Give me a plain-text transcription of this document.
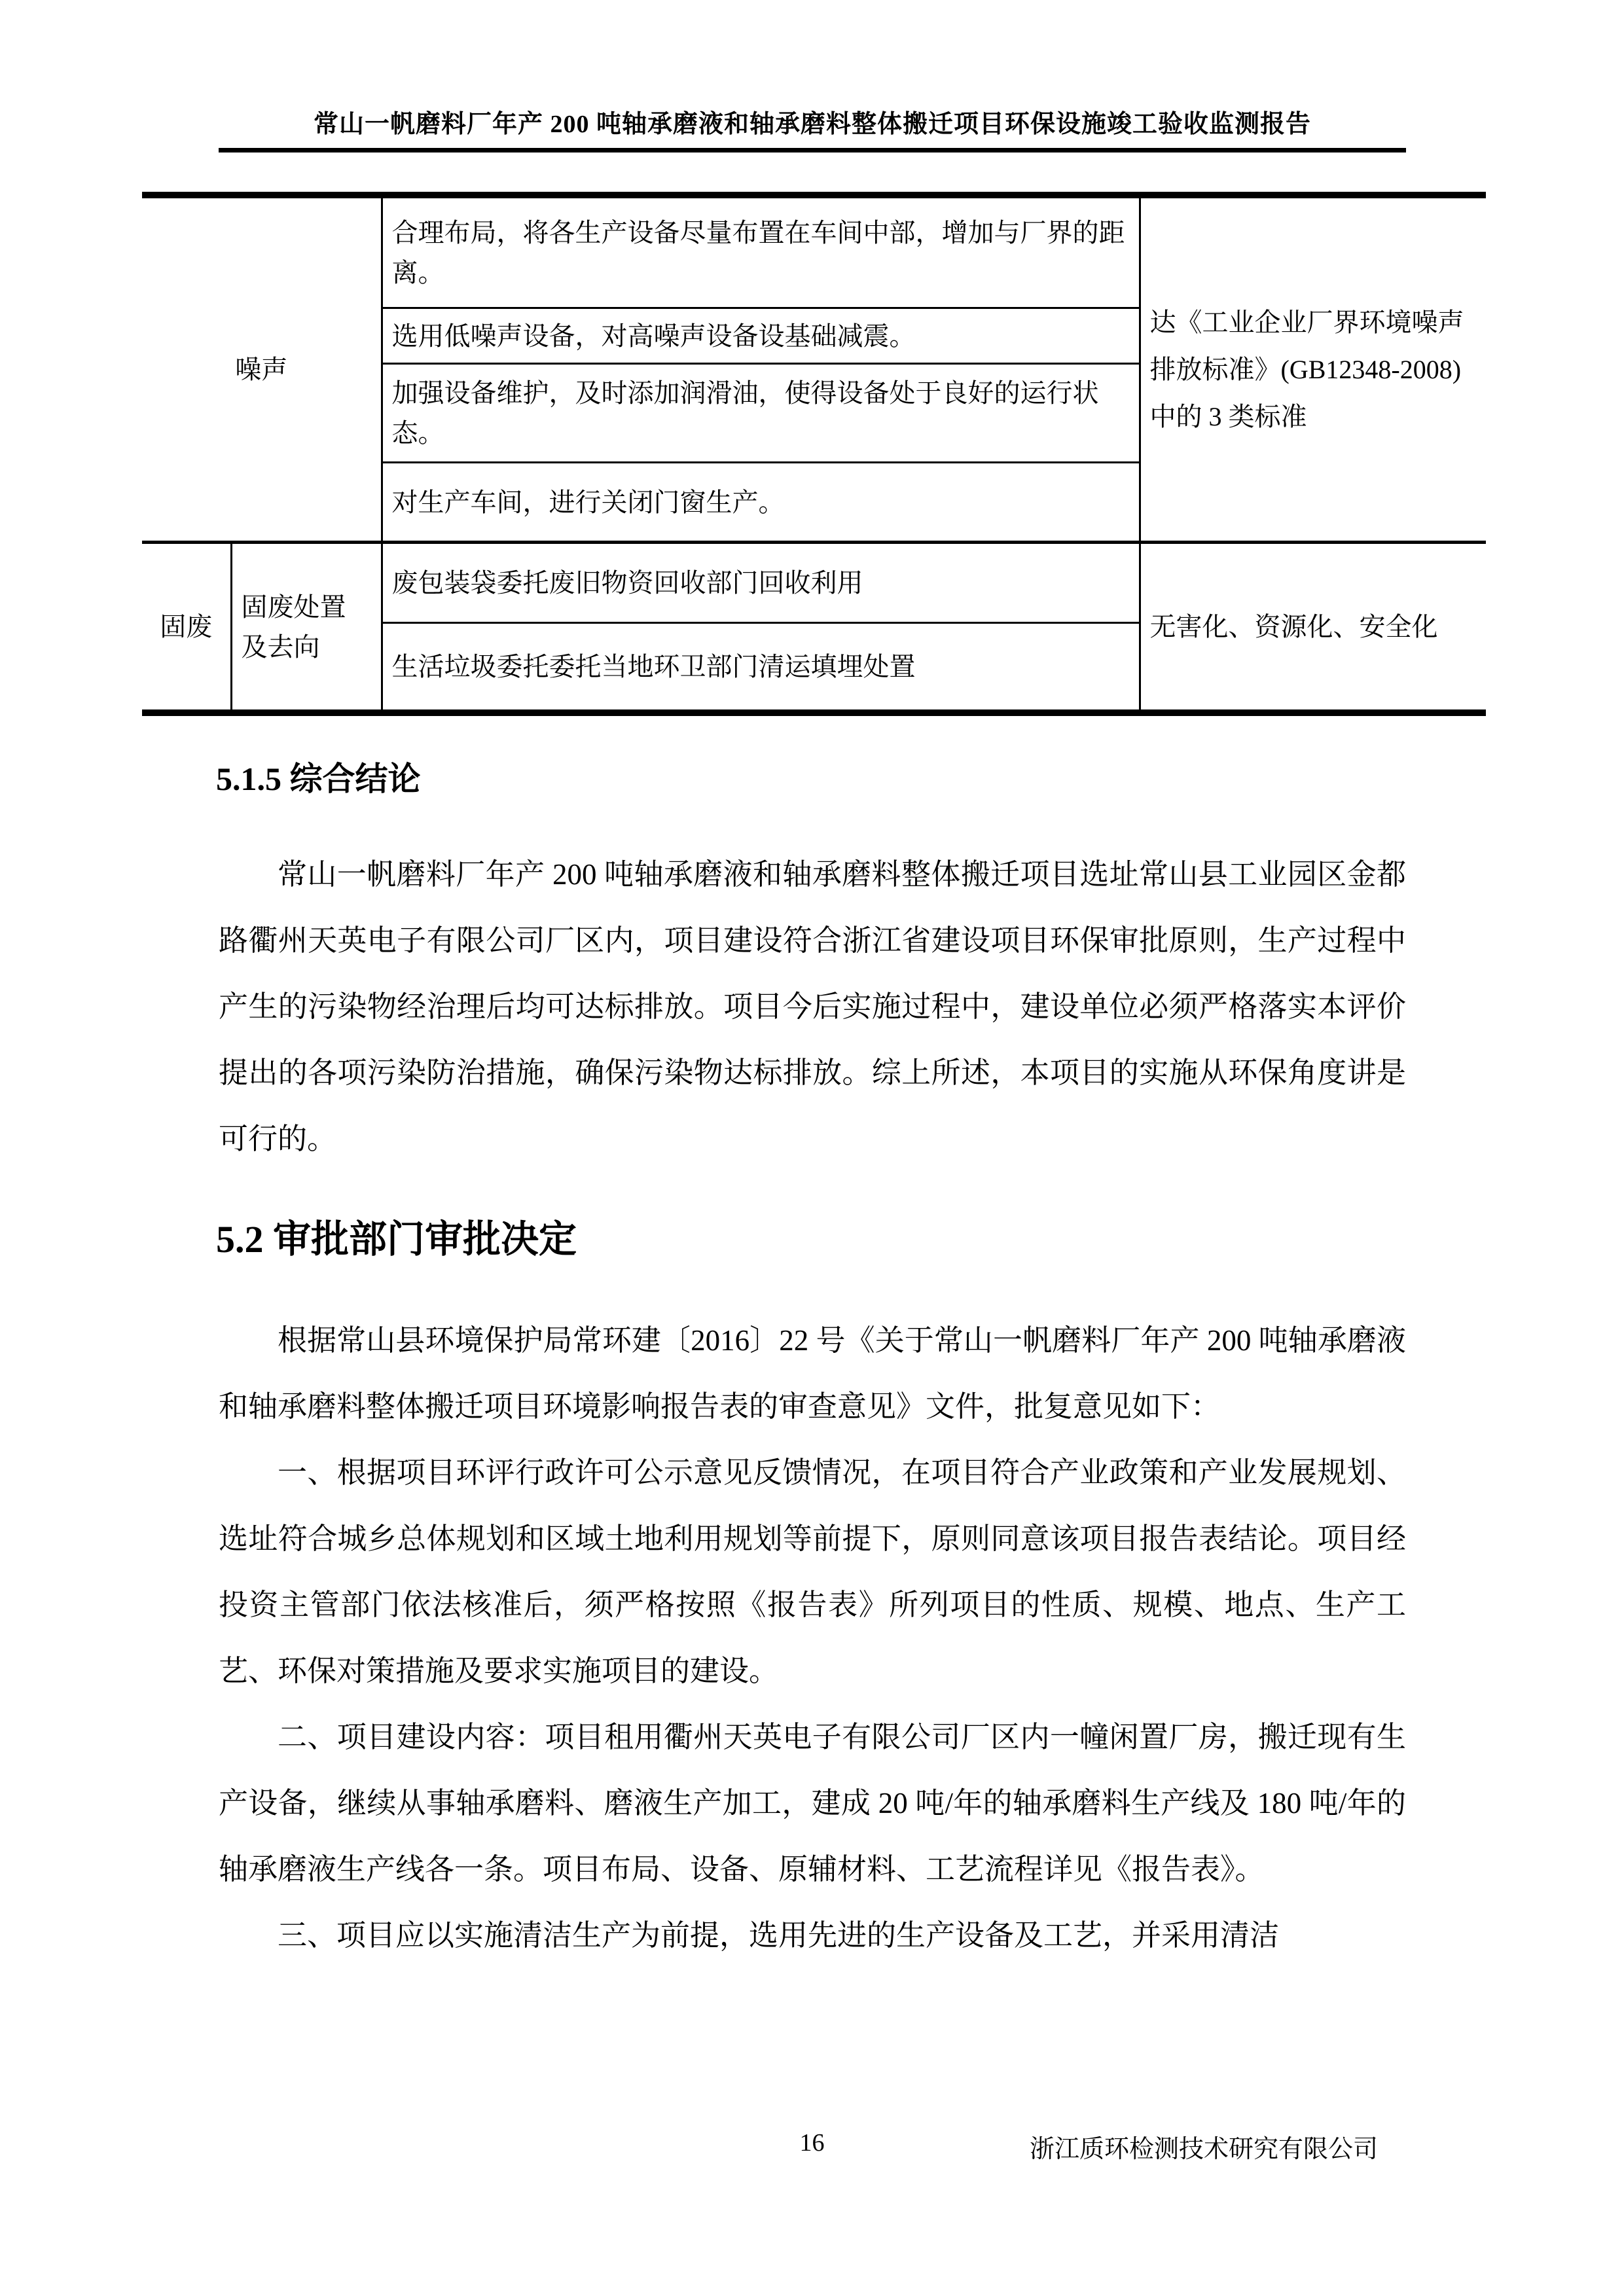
常山一帆磨料厂年产 200 吨轴承磨液和轴承磨料整体搬迁项目环保设施竣工验收监测报告
噪声		合理布局，将各生产设备尽量布置在车间中部，增加与厂界的距离。	达《工业企业厂界环境噪声排放标准》(GB12348-2008)中的 3 类标准
		选用低噪声设备，对高噪声设备设基础减震。	
		加强设备维护，及时添加润滑油，使得设备处于良好的运行状态。	
		对生产车间，进行关闭门窗生产。	
固废	固废处置及去向	废包装袋委托废旧物资回收部门回收利用	无害化、资源化、安全化
		生活垃圾委托委托当地环卫部门清运填埋处置	
5.1.5 综合结论

常山一帆磨料厂年产 200 吨轴承磨液和轴承磨料整体搬迁项目选址常山县工业园区金都路衢州天英电子有限公司厂区内，项目建设符合浙江省建设项目环保审批原则，生产过程中产生的污染物经治理后均可达标排放。项目今后实施过程中，建设单位必须严格落实本评价提出的各项污染防治措施，确保污染物达标排放。综上所述，本项目的实施从环保角度讲是可行的。

5.2 审批部门审批决定

根据常山县环境保护局常环建〔2016〕22 号《关于常山一帆磨料厂年产 200 吨轴承磨液和轴承磨料整体搬迁项目环境影响报告表的审查意见》文件，批复意见如下：

一、根据项目环评行政许可公示意见反馈情况，在项目符合产业政策和产业发展规划、选址符合城乡总体规划和区域土地利用规划等前提下，原则同意该项目报告表结论。项目经投资主管部门依法核准后，须严格按照《报告表》所列项目的性质、规模、地点、生产工艺、环保对策措施及要求实施项目的建设。

二、项目建设内容：项目租用衢州天英电子有限公司厂区内一幢闲置厂房，搬迁现有生产设备，继续从事轴承磨料、磨液生产加工，建成 20 吨/年的轴承磨料生产线及 180 吨/年的轴承磨液生产线各一条。项目布局、设备、原辅材料、工艺流程详见《报告表》。

三、项目应以实施清洁生产为前提，选用先进的生产设备及工艺，并采用清洁

16	浙江质环检测技术研究有限公司
